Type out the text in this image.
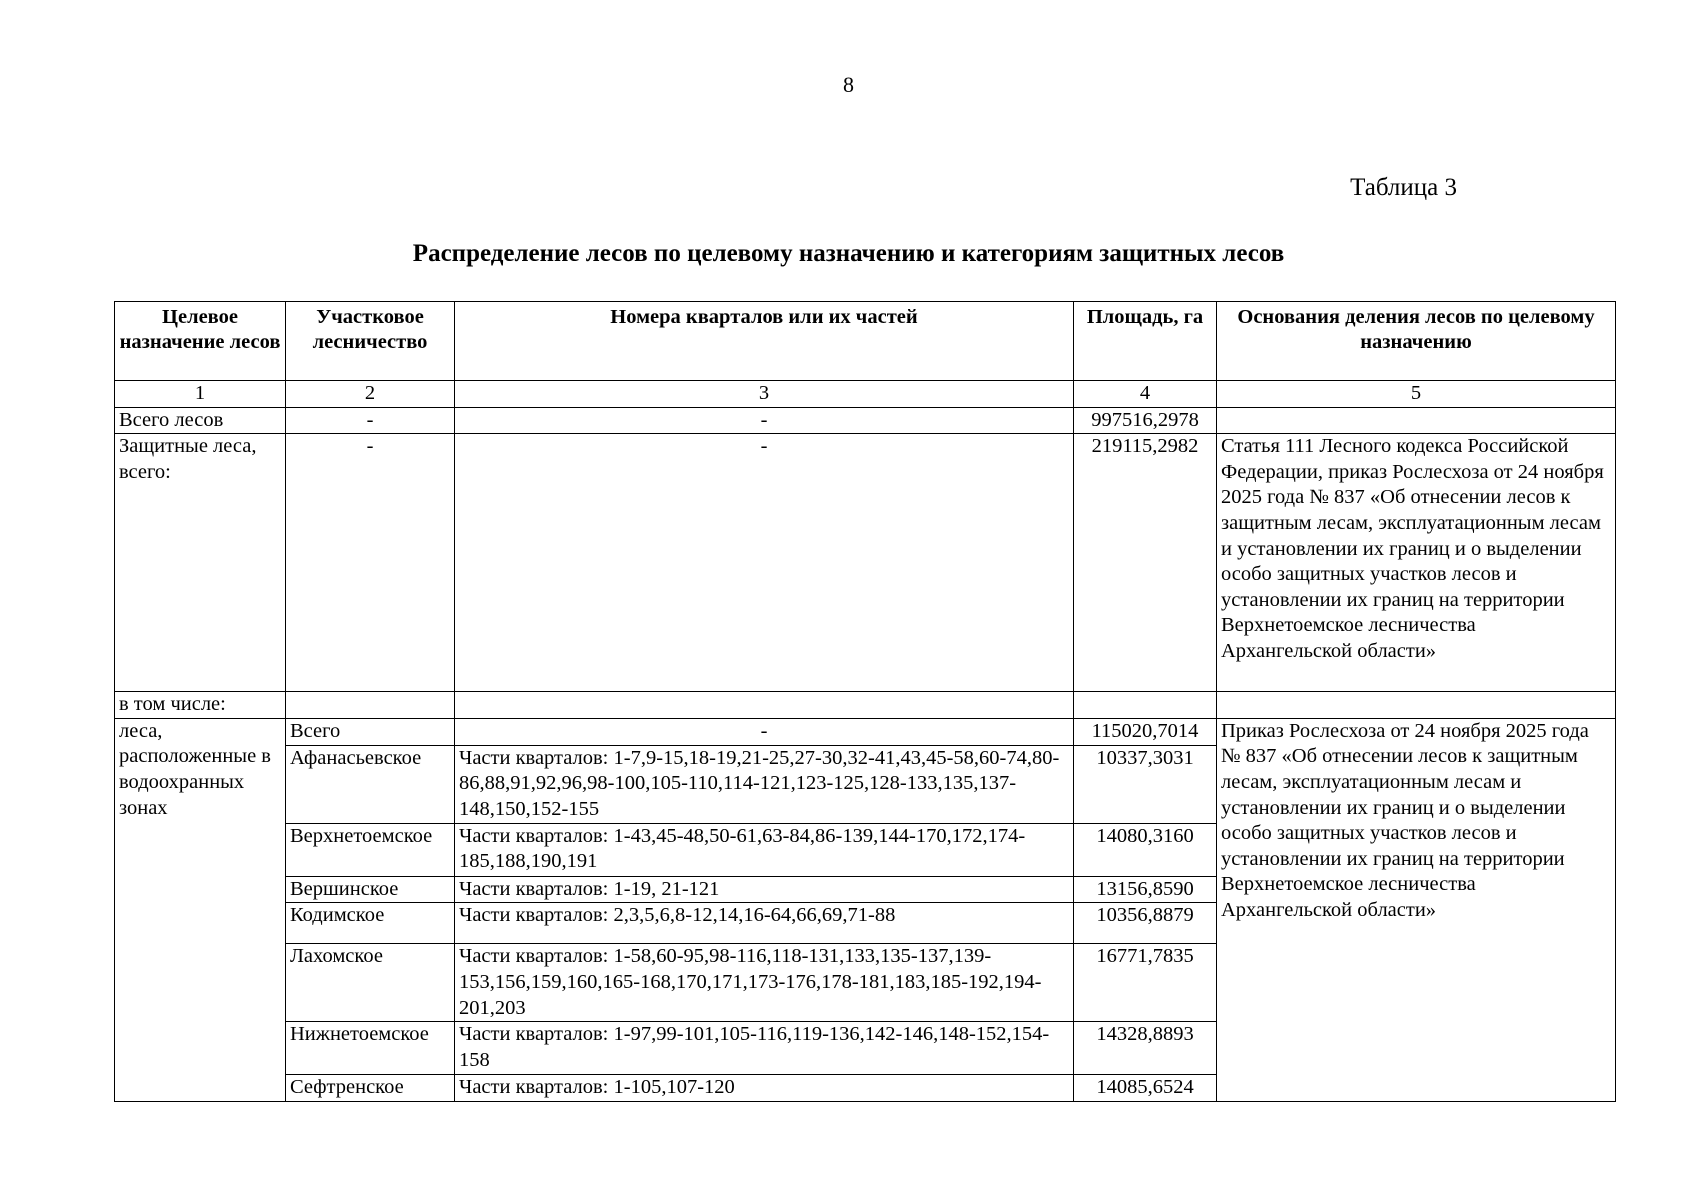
8
Таблица 3
Распределение лесов по целевому назначению и категориям защитных лесов
Целевое назначение лесов	Участковое лесничество	Номера кварталов или их частей	Площадь, га	Основания деления лесов по целевому назначению
1	2	3	4	5
Всего лесов	-	-	997516,2978	
Защитные леса, всего:	-	-	219115,2982	Статья 111 Лесного кодекса Российской Федерации, приказ Рослесхоза от 24 ноября 2025 года № 837 «Об отнесении лесов к защитным лесам, эксплуатационным лесам и установлении их границ и о выделении особо защитных участков лесов и установлении их границ на территории Верхнетоемское лесничества Архангельской области»
в том числе:				
леса, расположенные в водоохранных зонах	Всего	-	115020,7014	Приказ Рослесхоза от 24 ноября 2025 года № 837 «Об отнесении лесов к защитным лесам, эксплуатационным лесам и установлении их границ и о выделении особо защитных участков лесов и установлении их границ на территории Верхнетоемское лесничества Архангельской области»
	Афанасьевское	Части кварталов: 1-7,9-15,18-19,21-25,27-30,32-41,43,45-58,60-74,80-86,88,91,92,96,98-100,105-110,114-121,123-125,128-133,135,137-148,150,152-155	10337,3031	
	Верхнетоемское	Части кварталов: 1-43,45-48,50-61,63-84,86-139,144-170,172,174-185,188,190,191	14080,3160	
	Вершинское	Части кварталов: 1-19, 21-121	13156,8590	
	Кодимское	Части кварталов: 2,3,5,6,8-12,14,16-64,66,69,71-88	10356,8879	
	Лахомское	Части кварталов: 1-58,60-95,98-116,118-131,133,135-137,139-153,156,159,160,165-168,170,171,173-176,178-181,183,185-192,194-201,203	16771,7835	
	Нижнетоемское	Части кварталов: 1-97,99-101,105-116,119-136,142-146,148-152,154-158	14328,8893	
	Сефтренское	Части кварталов: 1-105,107-120	14085,6524	
